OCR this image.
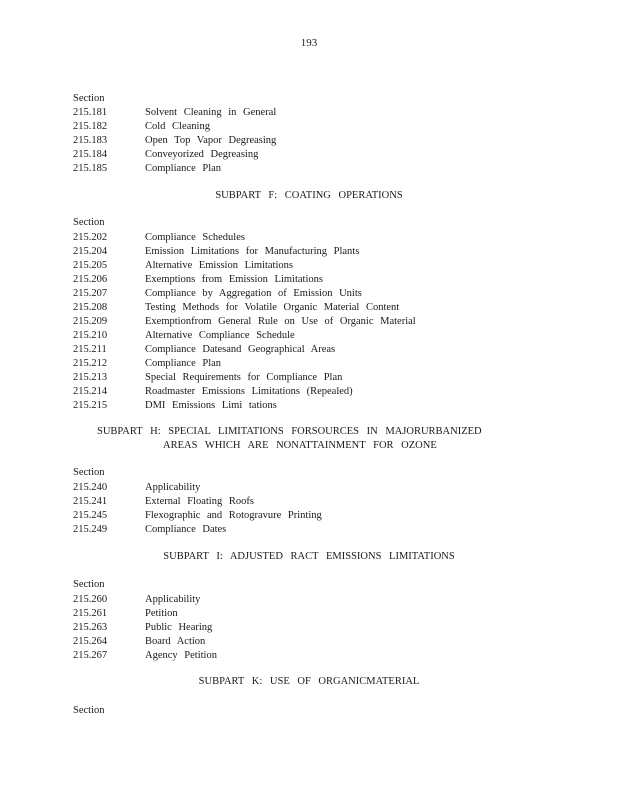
193
Section
215.181	Solvent Cleaning in General
215.182	Cold Cleaning
215.183	Open Top Vapor Degreasing
215.184	Conveyorized Degreasing
215.185	Compliance Plan
SUBPART F: COATING OPERATIONS
Section
215.202	Compliance Schedules
215.204	Emission Limitations for Manufacturing Plants
215.205	Alternative Emission Limitations
215.206	Exemptions from Emission Limitations
215.207	Compliance by Aggregation of Emission Units
215.208	Testing Methods for Volatile Organic Material Content
215.209	Exemptionfrom General Rule on Use of Organic Material
215.210	Alternative Compliance Schedule
215.211	Compliance Datesand Geographical Areas
215.212	Compliance Plan
215.213	Special Requirements for Compliance Plan
215.214	Roadmaster Emissions Limitations (Repealed)
215.215	DMI Emissions Limi tations
SUBPART H: SPECIAL LIMITATIONS FORSOURCES IN MAJORURBANIZED
AREAS WHICH ARE NONATTAINMENT FOR OZONE
Section
215.240	Applicability
215.241	External Floating Roofs
215.245	Flexographic and Rotogravure Printing
215.249	Compliance Dates
SUBPART I: ADJUSTED RACT EMISSIONS LIMITATIONS
Section
215.260	Applicability
215.261	Petition
215.263	Public Hearing
215.264	Board Action
215.267	Agency Petition
SUBPART K: USE OF ORGANICMATERIAL
Section
